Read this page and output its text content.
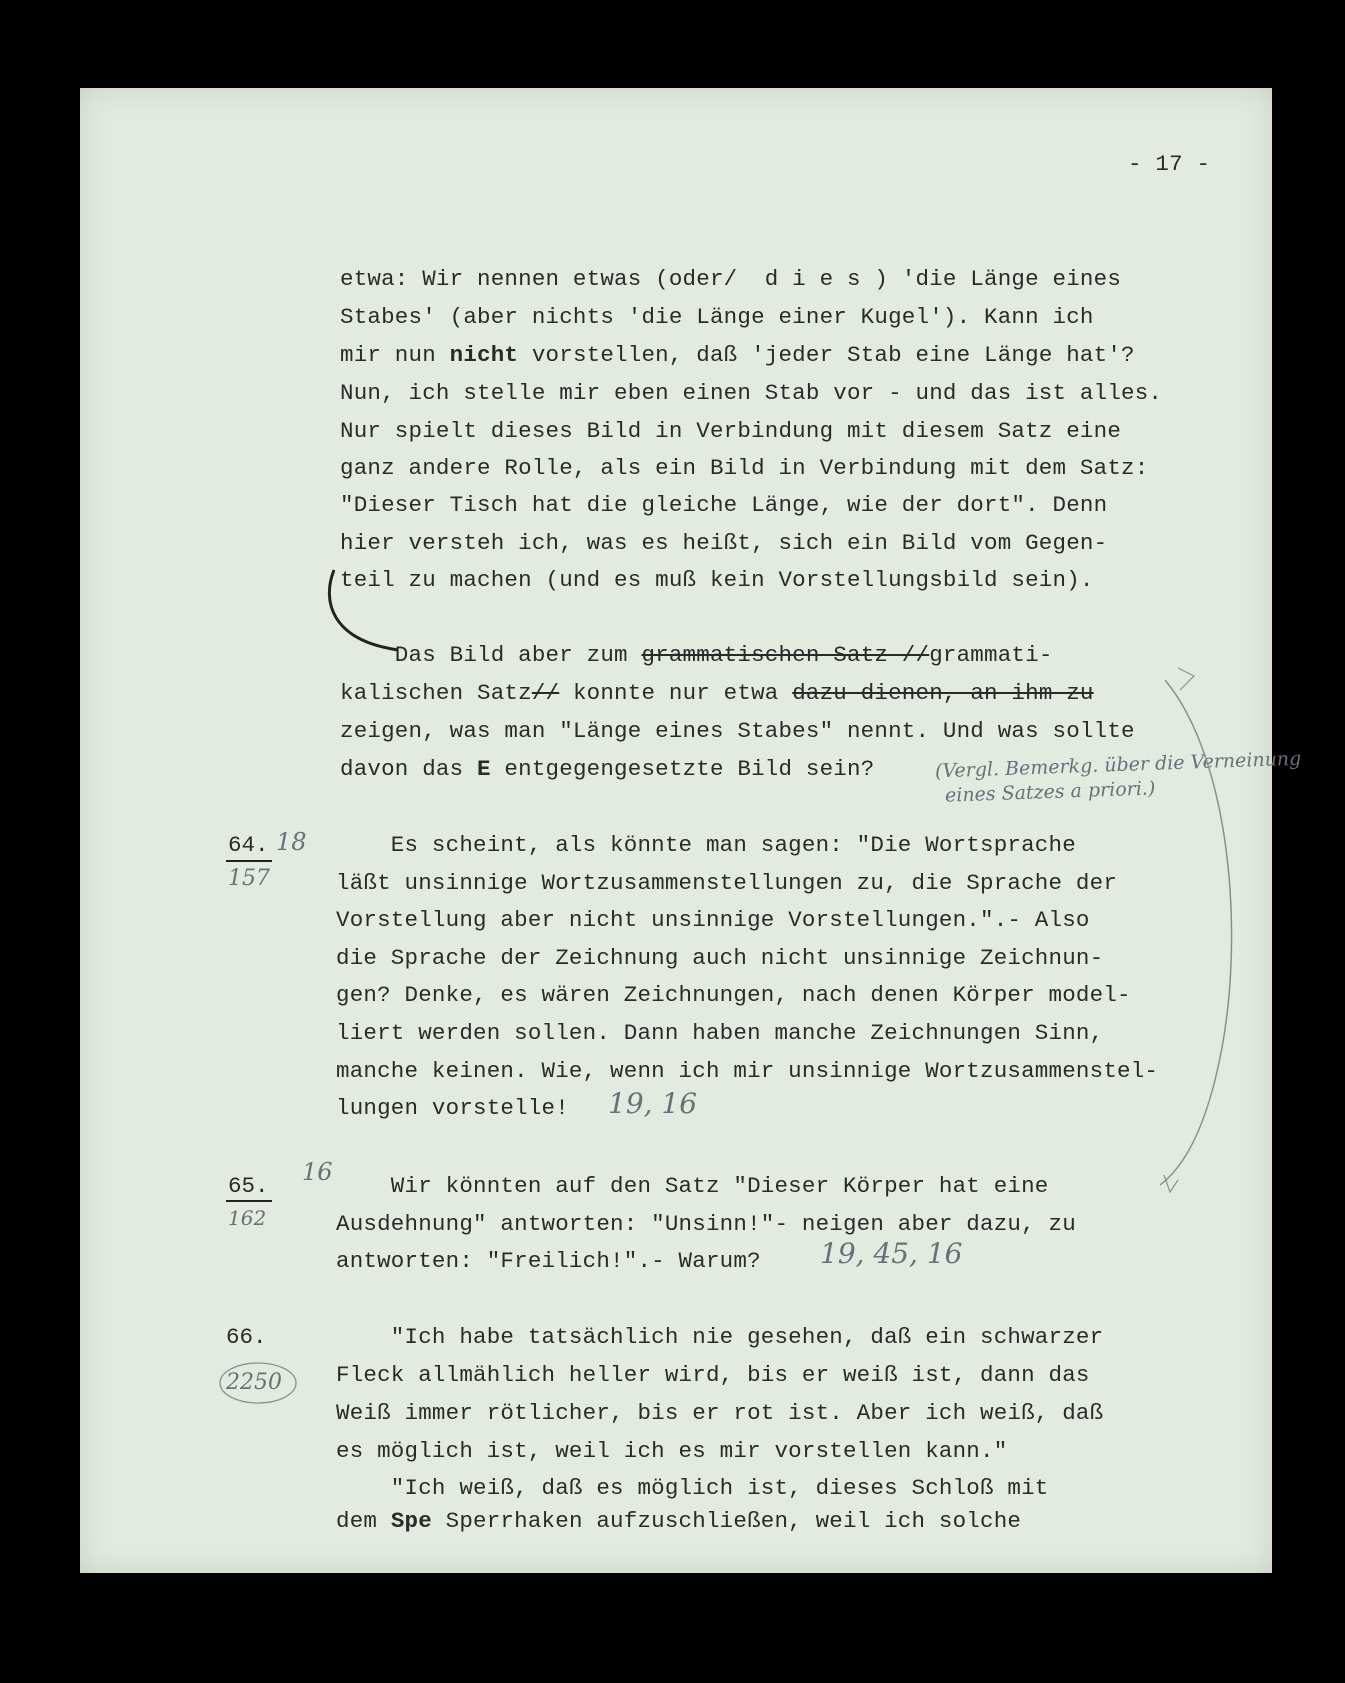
- 17 -
etwa: Wir nennen etwas (oder/  d i e s ) 'die Länge eines
Stabes' (aber nichts 'die Länge einer Kugel'). Kann ich
mir nun nicht vorstellen, daß 'jeder Stab eine Länge hat'?
Nun, ich stelle mir eben einen Stab vor - und das ist alles.
Nur spielt dieses Bild in Verbindung mit diesem Satz eine
ganz andere Rolle, als ein Bild in Verbindung mit dem Satz:
"Dieser Tisch hat die gleiche Länge, wie der dort". Denn
hier versteh ich, was es heißt, sich ein Bild vom Gegen-
teil zu machen (und es muß kein Vorstellungsbild sein).
Das Bild aber zum grammatischen Satz //grammati-
kalischen Satz// konnte nur etwa dazu dienen, an ihm zu
zeigen, was man "Länge eines Stabes" nennt. Und was sollte
davon das E entgegengesetzte Bild sein?	(Vergl. Bemerkg. über die Verneinung
eines Satzes a priori.)
64. 18
157
Es scheint, als könnte man sagen: "Die Wortsprache
läßt unsinnige Wortzusammenstellungen zu, die Sprache der
Vorstellung aber nicht unsinnige Vorstellungen.".- Also
die Sprache der Zeichnung auch nicht unsinnige Zeichnun-
gen? Denke, es wären Zeichnungen, nach denen Körper model-
liert werden sollen. Dann haben manche Zeichnungen Sinn,
manche keinen. Wie, wenn ich mir unsinnige Wortzusammenstel-
lungen vorstelle! 19, 16
65. 16
162
Wir könnten auf den Satz "Dieser Körper hat eine
Ausdehnung" antworten: "Unsinn!"- neigen aber dazu, zu
antworten: "Freilich!".- Warum? 19, 45, 16
66.
2250
"Ich habe tatsächlich nie gesehen, daß ein schwarzer
Fleck allmählich heller wird, bis er weiß ist, dann das
Weiß immer rötlicher, bis er rot ist. Aber ich weiß, daß
es möglich ist, weil ich es mir vorstellen kann."
"Ich weiß, daß es möglich ist, dieses Schloß mit
dem Spe Sperrhaken aufzuschließen, weil ich solche
